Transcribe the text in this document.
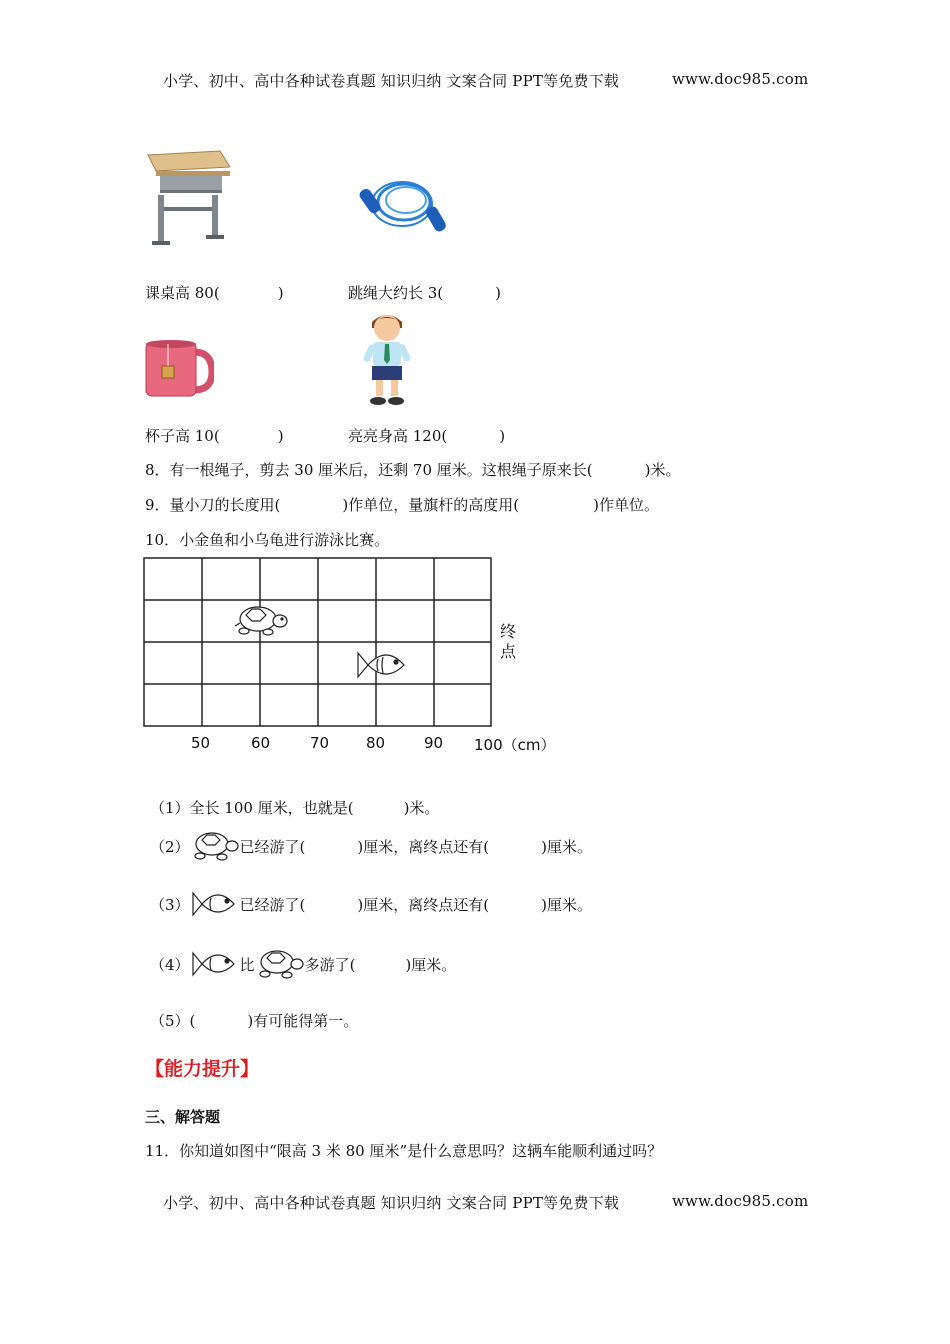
小学、初中、高中各种试卷真题 知识归纳 文案合同 PPT等免费下载	www.doc985.com
课桌高 80(	)	跳绳大约长 3(	)
杯子高 10(	)	亮亮身高 120(	)
8．有一根绳子，剪去 30 厘米后，还剩 70 厘米。这根绳子原来长(	)米。
9．量小刀的长度用(	)作单位，量旗杆的高度用(	)作单位。
10．小金鱼和小乌龟进行游泳比赛。
终点
50	60	70 80	90 100（cm）
（1）全长 100 厘米，也就是(	)米。
（2）	已经游了(	)厘米，离终点还有(	)厘米。
（3）	已经游了(	)厘米，离终点还有(	)厘米。
（4）	比	多游了(	)厘米。
（5）(	)有可能得第一。
【能力提升】
三、解答题
11．你知道如图中“限高 3 米 80 厘米”是什么意思吗？这辆车能顺利通过吗？
小学、初中、高中各种试卷真题 知识归纳 文案合同 PPT等免费下载	www.doc985.com
